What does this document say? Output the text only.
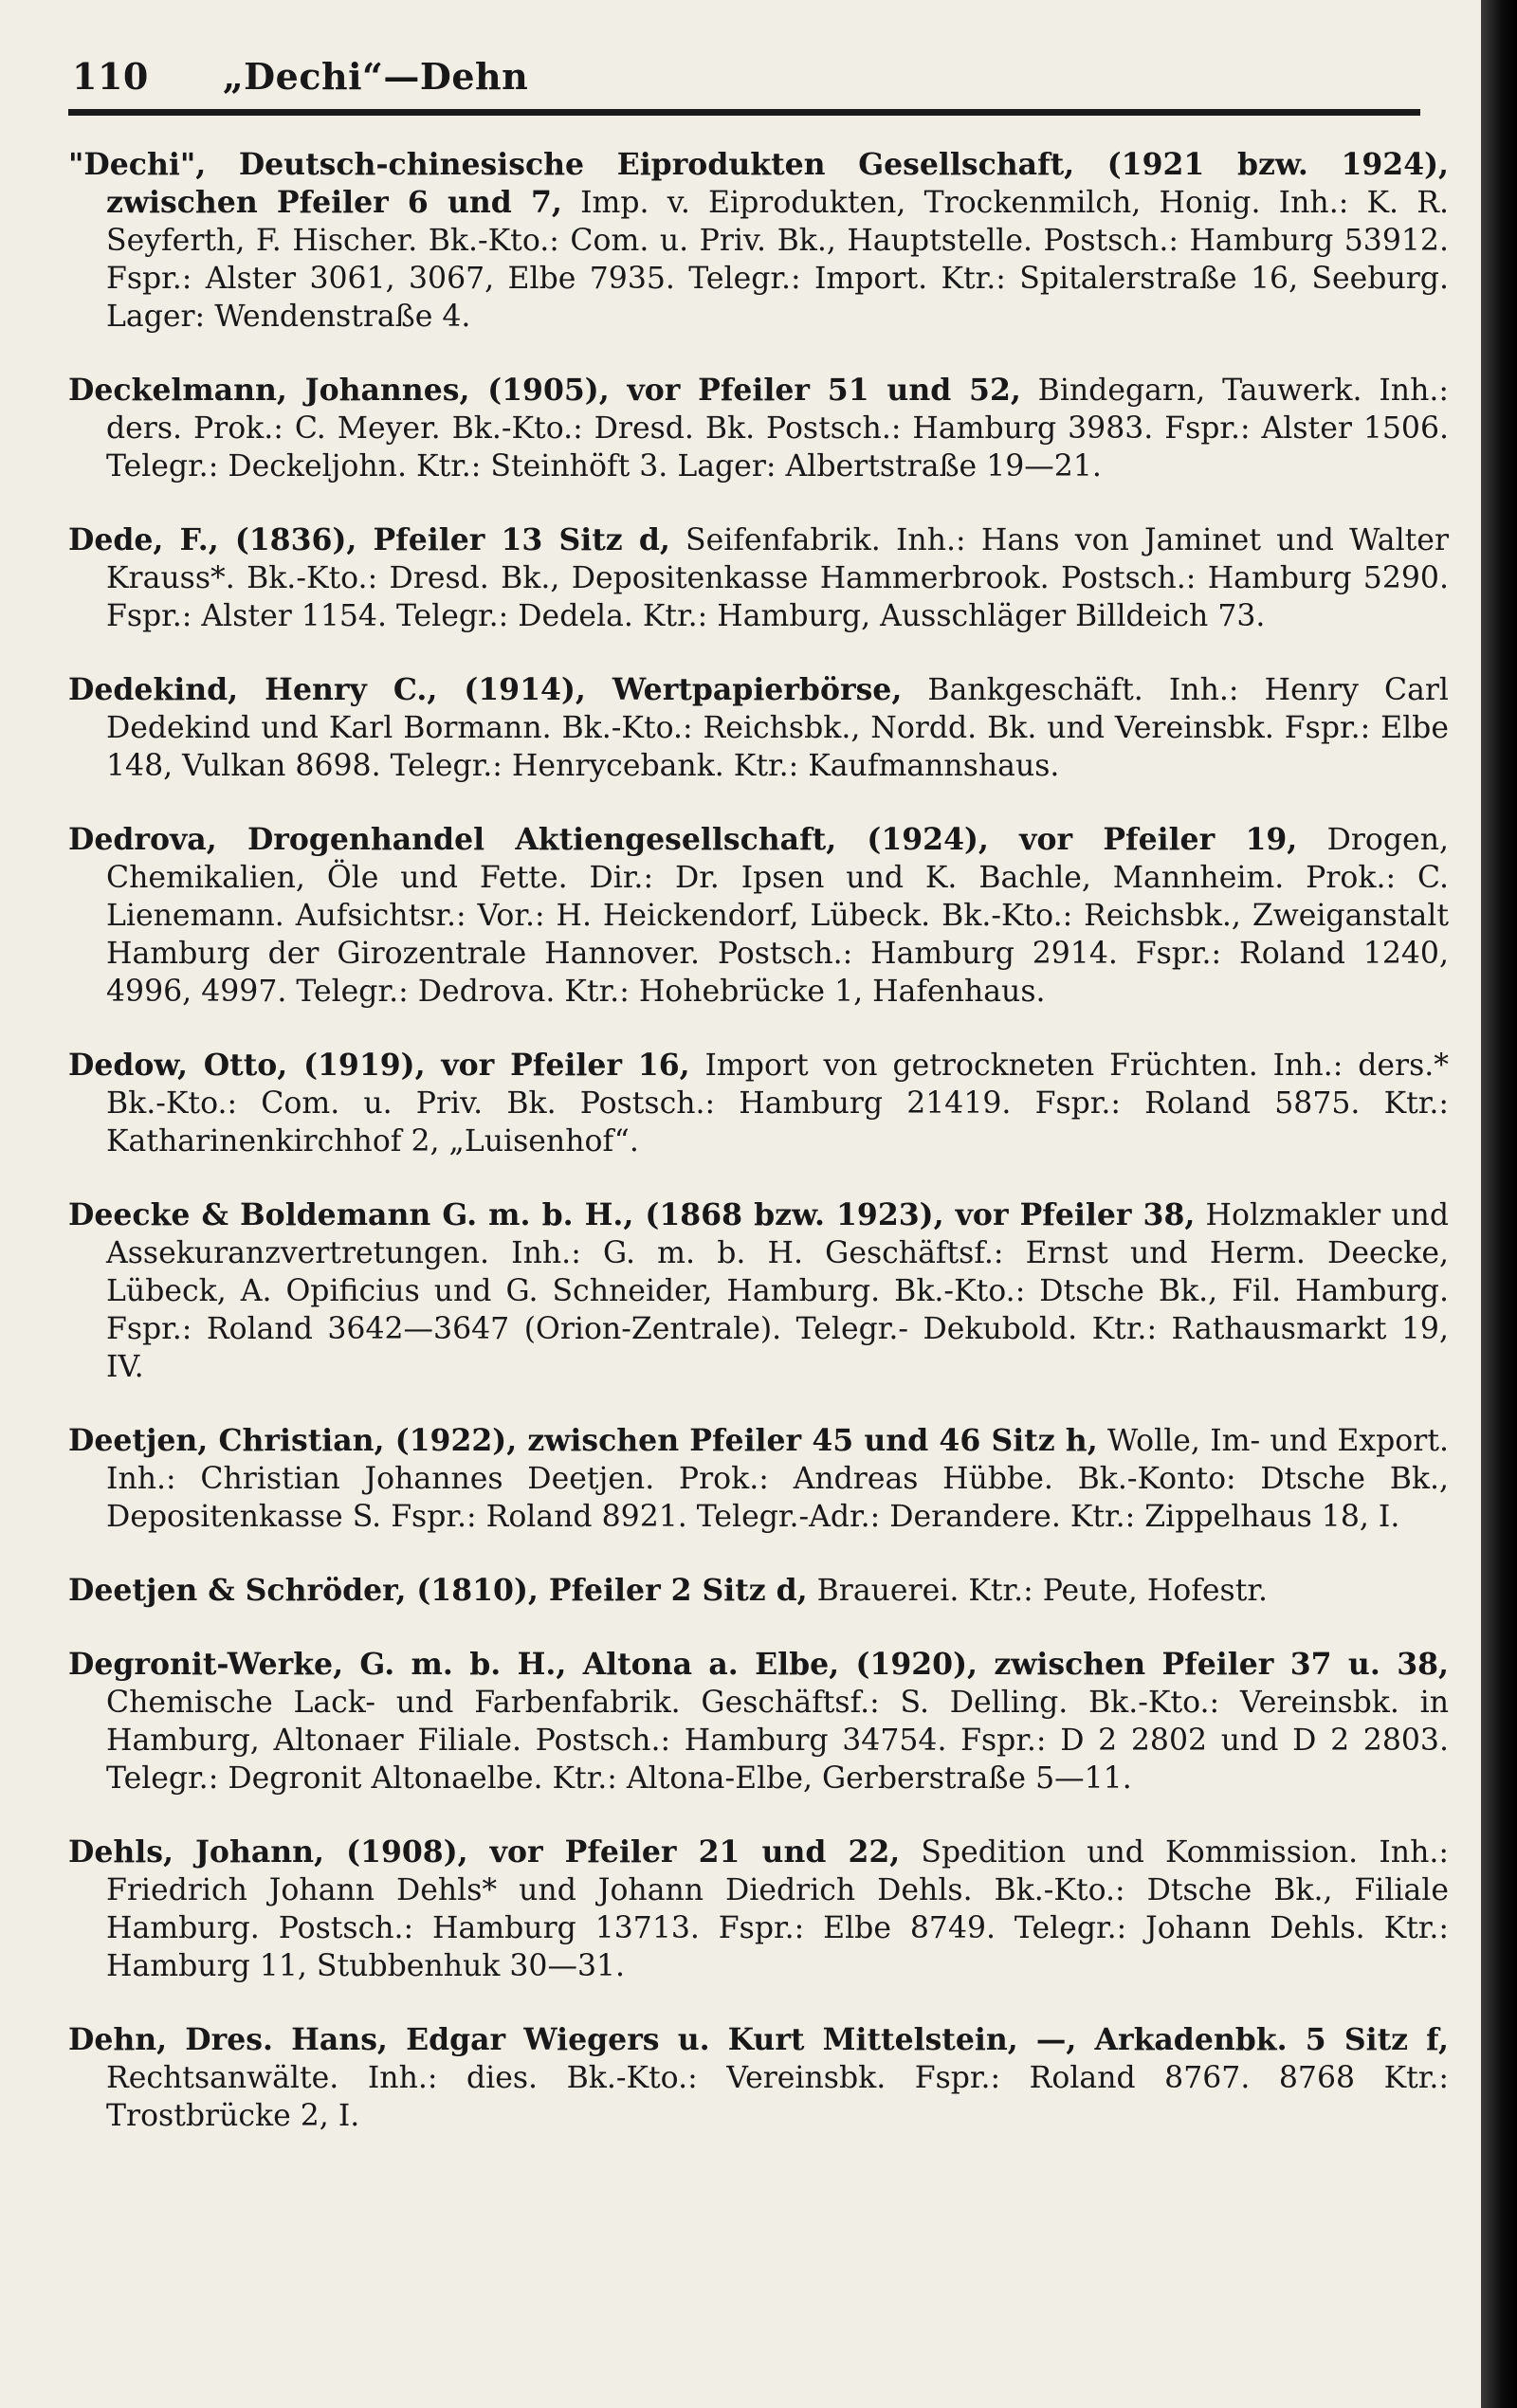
110 „Dechi“—Dehn

"Dechi", Deutsch-chinesische Eiprodukten Gesellschaft, (1921 bzw. 1924), zwischen Pfeiler 6 und 7, Imp. v. Eiprodukten, Trockenmilch, Honig. Inh.: K. R. Seyferth, F. Hischer. Bk.-Kto.: Com. u. Priv. Bk., Hauptstelle. Postsch.: Hamburg 53912. Fspr.: Alster 3061, 3067, Elbe 7935. Telegr.: Import. Ktr.: Spitalerstraße 16, Seeburg. Lager: Wendenstraße 4.

Deckelmann, Johannes, (1905), vor Pfeiler 51 und 52, Bindegarn, Tauwerk. Inh.: ders. Prok.: C. Meyer. Bk.-Kto.: Dresd. Bk. Postsch.: Hamburg 3983. Fspr.: Alster 1506. Telegr.: Deckeljohn. Ktr.: Steinhöft 3. Lager: Albertstraße 19—21.

Dede, F., (1836), Pfeiler 13 Sitz d, Seifenfabrik. Inh.: Hans von Jaminet und Walter Krauss*. Bk.-Kto.: Dresd. Bk., Depositenkasse Hammerbrook. Postsch.: Hamburg 5290. Fspr.: Alster 1154. Telegr.: Dedela. Ktr.: Hamburg, Ausschläger Billdeich 73.

Dedekind, Henry C., (1914), Wertpapierbörse, Bankgeschäft. Inh.: Henry Carl Dedekind und Karl Bormann. Bk.-Kto.: Reichsbk., Nordd. Bk. und Vereinsbk. Fspr.: Elbe 148, Vulkan 8698. Telegr.: Henrycebank. Ktr.: Kaufmannshaus.

Dedrova, Drogenhandel Aktiengesellschaft, (1924), vor Pfeiler 19, Drogen, Chemikalien, Öle und Fette. Dir.: Dr. Ipsen und K. Bachle, Mannheim. Prok.: C. Lienemann. Aufsichtsr.: Vor.: H. Heickendorf, Lübeck. Bk.-Kto.: Reichsbk., Zweiganstalt Hamburg der Girozentrale Hannover. Postsch.: Hamburg 2914. Fspr.: Roland 1240, 4996, 4997. Telegr.: Dedrova. Ktr.: Hohebrücke 1, Hafenhaus.

Dedow, Otto, (1919), vor Pfeiler 16, Import von getrockneten Früchten. Inh.: ders.* Bk.-Kto.: Com. u. Priv. Bk. Postsch.: Hamburg 21419. Fspr.: Roland 5875. Ktr.: Katharinenkirchhof 2, „Luisenhof“.

Deecke & Boldemann G. m. b. H., (1868 bzw. 1923), vor Pfeiler 38, Holzmakler und Assekuranzvertretungen. Inh.: G. m. b. H. Geschäftsf.: Ernst und Herm. Deecke, Lübeck, A. Opificius und G. Schneider, Hamburg. Bk.-Kto.: Dtsche Bk., Fil. Hamburg. Fspr.: Roland 3642—3647 (Orion-Zentrale). Telegr.- Dekubold. Ktr.: Rathausmarkt 19, IV.

Deetjen, Christian, (1922), zwischen Pfeiler 45 und 46 Sitz h, Wolle, Im- und Export. Inh.: Christian Johannes Deetjen. Prok.: Andreas Hübbe. Bk.-Konto: Dtsche Bk., Depositenkasse S. Fspr.: Roland 8921. Telegr.-Adr.: Derandere. Ktr.: Zippelhaus 18, I.

Deetjen & Schröder, (1810), Pfeiler 2 Sitz d, Brauerei. Ktr.: Peute, Hofestr.

Degronit-Werke, G. m. b. H., Altona a. Elbe, (1920), zwischen Pfeiler 37 u. 38, Chemische Lack- und Farbenfabrik. Geschäftsf.: S. Delling. Bk.-Kto.: Vereinsbk. in Hamburg, Altonaer Filiale. Postsch.: Hamburg 34754. Fspr.: D 2 2802 und D 2 2803. Telegr.: Degronit Altonaelbe. Ktr.: Altona-Elbe, Gerberstraße 5—11.

Dehls, Johann, (1908), vor Pfeiler 21 und 22, Spedition und Kommission. Inh.: Friedrich Johann Dehls* und Johann Diedrich Dehls. Bk.-Kto.: Dtsche Bk., Filiale Hamburg. Postsch.: Hamburg 13713. Fspr.: Elbe 8749. Telegr.: Johann Dehls. Ktr.: Hamburg 11, Stubbenhuk 30—31.

Dehn, Dres. Hans, Edgar Wiegers u. Kurt Mittelstein, —, Arkadenbk. 5 Sitz f, Rechtsanwälte. Inh.: dies. Bk.-Kto.: Vereinsbk. Fspr.: Roland 8767. 8768 Ktr.: Trostbrücke 2, I.
